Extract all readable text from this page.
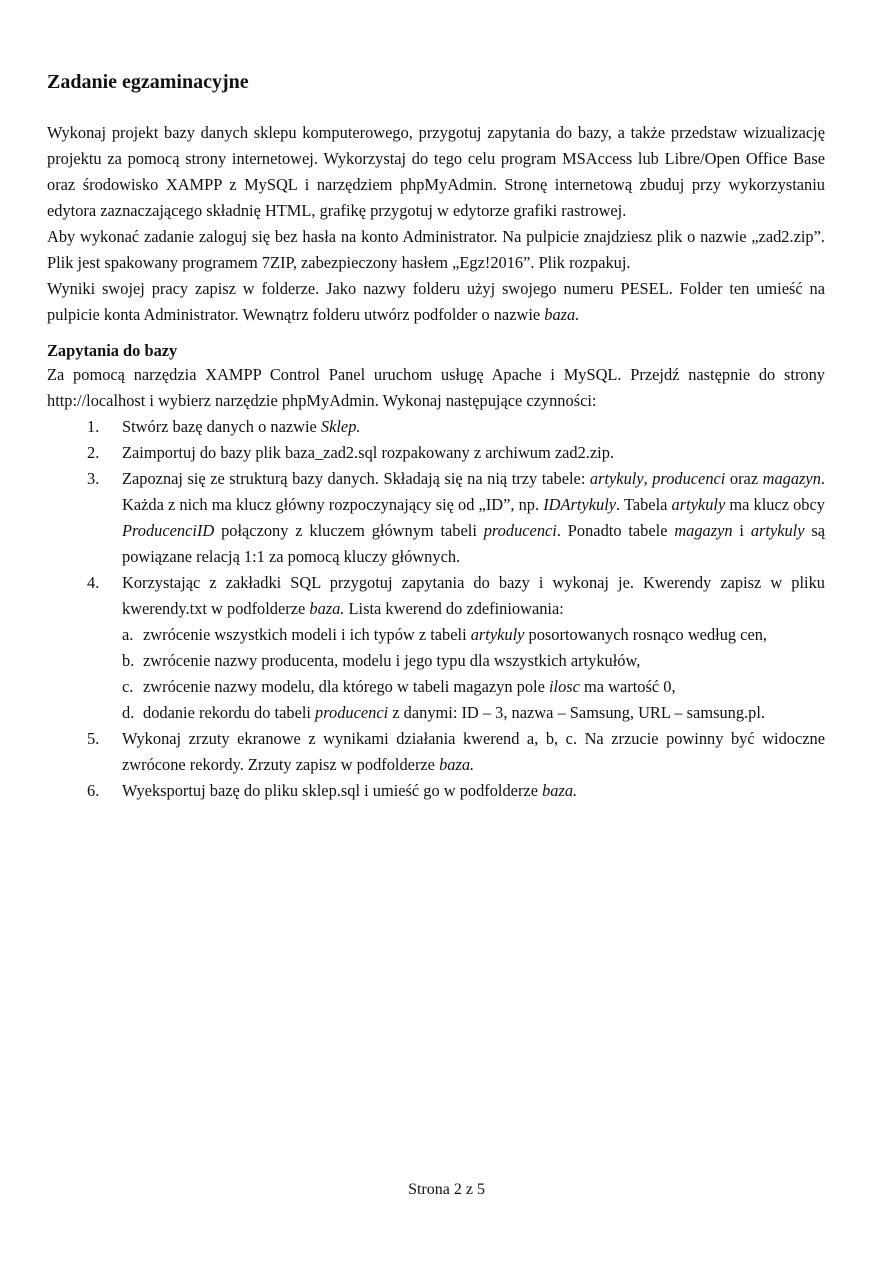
Zadanie egzaminacyjne

Wykonaj projekt bazy danych sklepu komputerowego, przygotuj zapytania do bazy, a także przedstaw wizualizację projektu za pomocą strony internetowej. Wykorzystaj do tego celu program MSAccess lub Libre/Open Office Base oraz środowisko XAMPP z MySQL i narzędziem phpMyAdmin. Stronę internetową zbuduj przy wykorzystaniu edytora zaznaczającego składnię HTML, grafikę przygotuj w edytorze grafiki rastrowej.

Aby wykonać zadanie zaloguj się bez hasła na konto Administrator. Na pulpicie znajdziesz plik o nazwie „zad2.zip”. Plik jest spakowany programem 7ZIP, zabezpieczony hasłem „Egz!2016”. Plik rozpakuj.

Wyniki swojej pracy zapisz w folderze. Jako nazwy folderu użyj swojego numeru PESEL. Folder ten umieść na pulpicie konta Administrator. Wewnątrz folderu utwórz podfolder o nazwie baza.

Zapytania do bazy

Za pomocą narzędzia XAMPP Control Panel uruchom usługę Apache i MySQL. Przejdź następnie do strony http://localhost i wybierz narzędzie phpMyAdmin. Wykonaj następujące czynności:

1.	Stwórz bazę danych o nazwie Sklep.
2.	Zaimportuj do bazy plik baza_zad2.sql rozpakowany z archiwum zad2.zip.
3.	Zapoznaj się ze strukturą bazy danych. Składają się na nią trzy tabele: artykuly, producenci oraz magazyn. Każda z nich ma klucz główny rozpoczynający się od „ID”, np. IDArtykuly. Tabela artykuly ma klucz obcy ProducenciID połączony z kluczem głównym tabeli producenci. Ponadto tabele magazyn i artykuly są powiązane relacją 1:1 za pomocą kluczy głównych.
4.	Korzystając z zakładki SQL przygotuj zapytania do bazy i wykonaj je. Kwerendy zapisz w pliku kwerendy.txt w podfolderze baza. Lista kwerend do zdefiniowania:
a. zwrócenie wszystkich modeli i ich typów z tabeli artykuly posortowanych rosnąco według cen,
b. zwrócenie nazwy producenta, modelu i jego typu dla wszystkich artykułów,
c. zwrócenie nazwy modelu, dla którego w tabeli magazyn pole ilosc ma wartość 0,
d. dodanie rekordu do tabeli producenci z danymi: ID – 3, nazwa – Samsung, URL – samsung.pl.
5.	Wykonaj zrzuty ekranowe z wynikami działania kwerend a, b, c. Na zrzucie powinny być widoczne zwrócone rekordy. Zrzuty zapisz w podfolderze baza.
6.	Wyeksportuj bazę do pliku sklep.sql i umieść go w podfolderze baza.
Strona 2 z 5
